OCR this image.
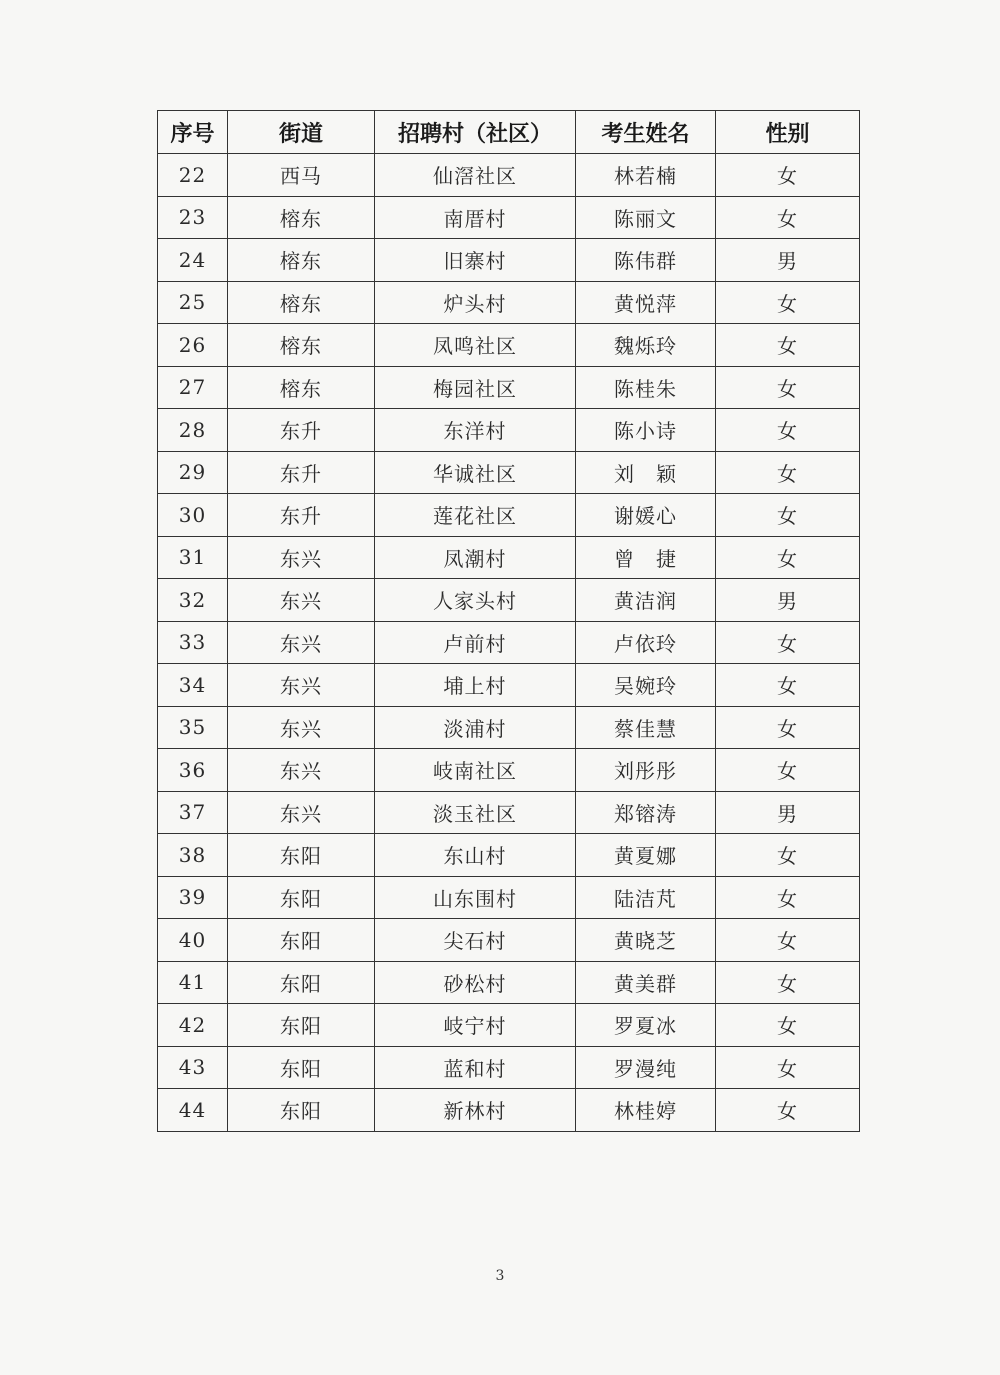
序号	街道	招聘村（社区）	考生姓名	性别
22	西马	仙滘社区	林若楠	女
23	榕东	南厝村	陈丽文	女
24	榕东	旧寨村	陈伟群	男
25	榕东	炉头村	黄悦萍	女
26	榕东	凤鸣社区	魏烁玲	女
27	榕东	梅园社区	陈桂朱	女
28	东升	东洋村	陈小诗	女
29	东升	华诚社区	刘　颖	女
30	东升	莲花社区	谢媛心	女
31	东兴	凤潮村	曾　捷	女
32	东兴	人家头村	黄洁润	男
33	东兴	卢前村	卢依玲	女
34	东兴	埔上村	吴婉玲	女
35	东兴	淡浦村	蔡佳慧	女
36	东兴	岐南社区	刘彤彤	女
37	东兴	淡玉社区	郑镕涛	男
38	东阳	东山村	黄夏娜	女
39	东阳	山东围村	陆洁芃	女
40	东阳	尖石村	黄晓芝	女
41	东阳	砂松村	黄美群	女
42	东阳	岐宁村	罗夏冰	女
43	东阳	蓝和村	罗漫纯	女
44	东阳	新林村	林桂婷	女
3
